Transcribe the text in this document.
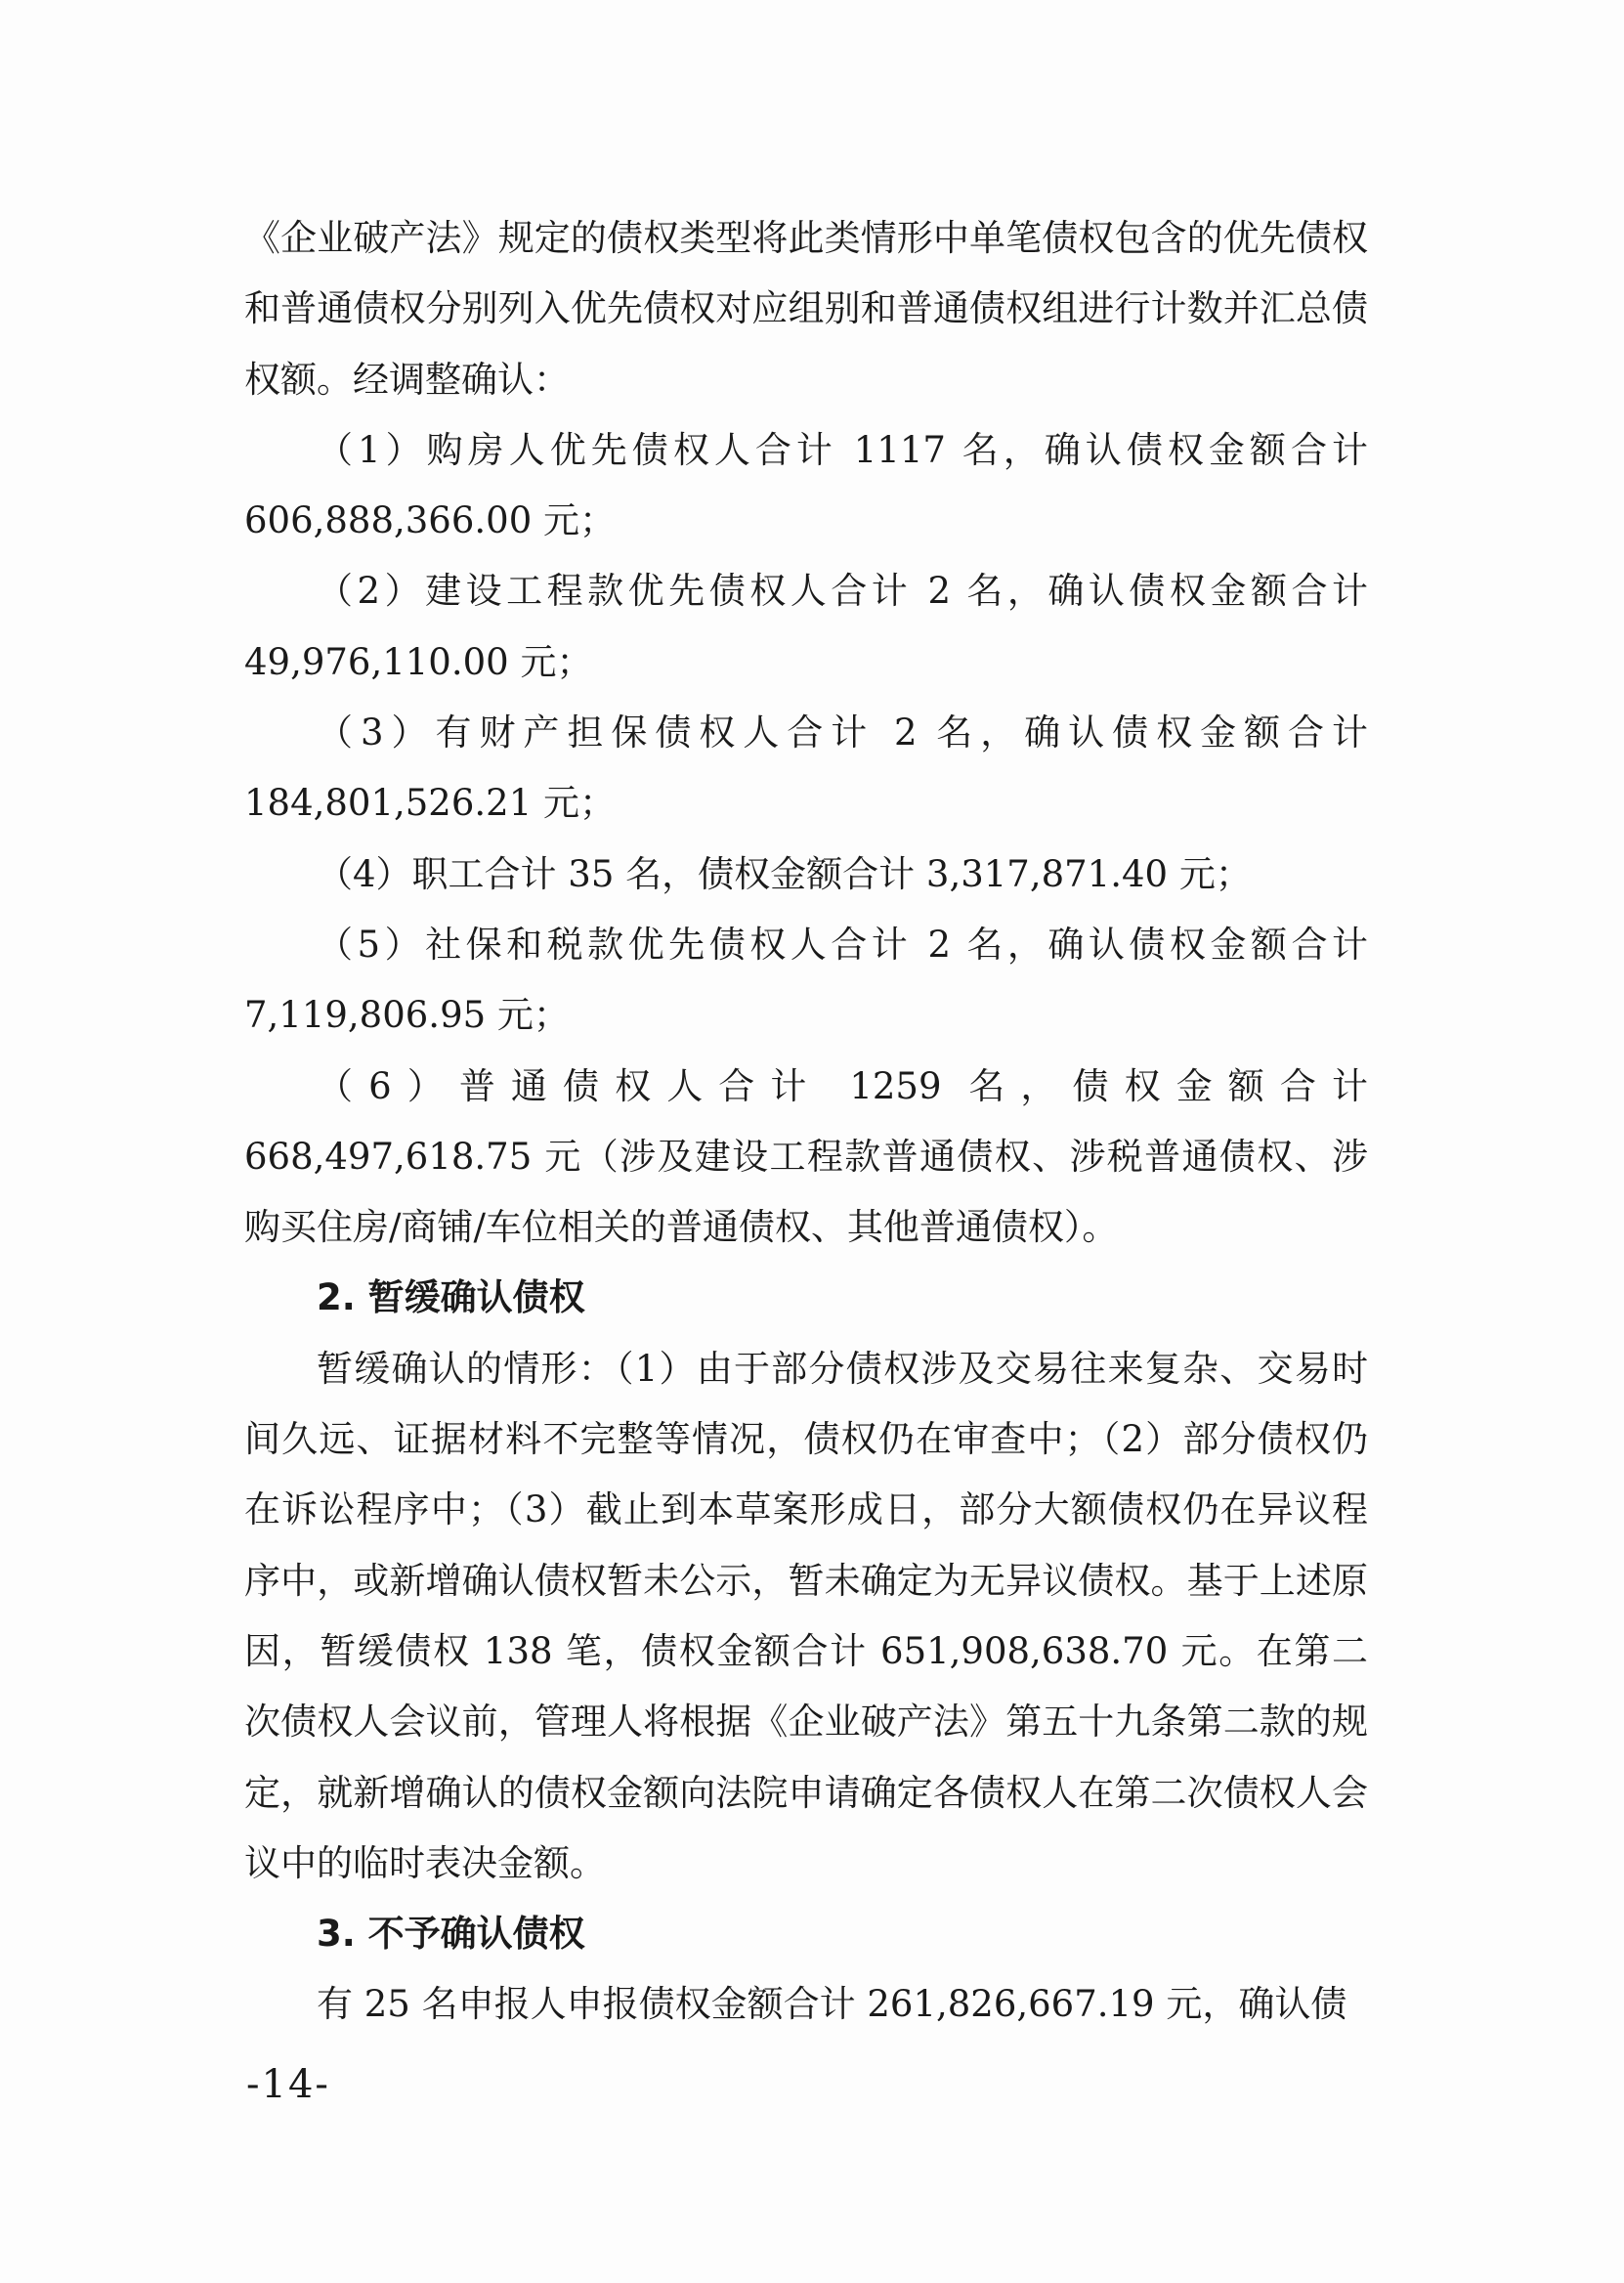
《企业破产法》规定的债权类型将此类情形中单笔债权包含的优先债权和普通债权分别列入优先债权对应组别和普通债权组进行计数并汇总债权额。经调整确认：

（1）购房人优先债权人合计 1117 名，确认债权金额合计 606,888,366.00 元；

（2）建设工程款优先债权人合计 2 名，确认债权金额合计 49,976,110.00 元；

（3）有财产担保债权人合计 2 名，确认债权金额合计 184,801,526.21 元；

（4）职工合计 35 名，债权金额合计 3,317,871.40 元；

（5）社保和税款优先债权人合计 2 名，确认债权金额合计 7,119,806.95 元；

（6）普通债权人合计 1259 名，债权金额合计 668,497,618.75 元（涉及建设工程款普通债权、涉税普通债权、涉购买住房/商铺/车位相关的普通债权、其他普通债权）。

2. 暂缓确认债权

暂缓确认的情形：（1）由于部分债权涉及交易往来复杂、交易时间久远、证据材料不完整等情况，债权仍在审查中；（2）部分债权仍在诉讼程序中；（3）截止到本草案形成日，部分大额债权仍在异议程序中，或新增确认债权暂未公示，暂未确定为无异议债权。基于上述原因，暂缓债权 138 笔，债权金额合计 651,908,638.70 元。在第二次债权人会议前，管理人将根据《企业破产法》第五十九条第二款的规定，就新增确认的债权金额向法院申请确定各债权人在第二次债权人会议中的临时表决金额。

3. 不予确认债权

有 25 名申报人申报债权金额合计 261,826,667.19 元，确认债

-14-
